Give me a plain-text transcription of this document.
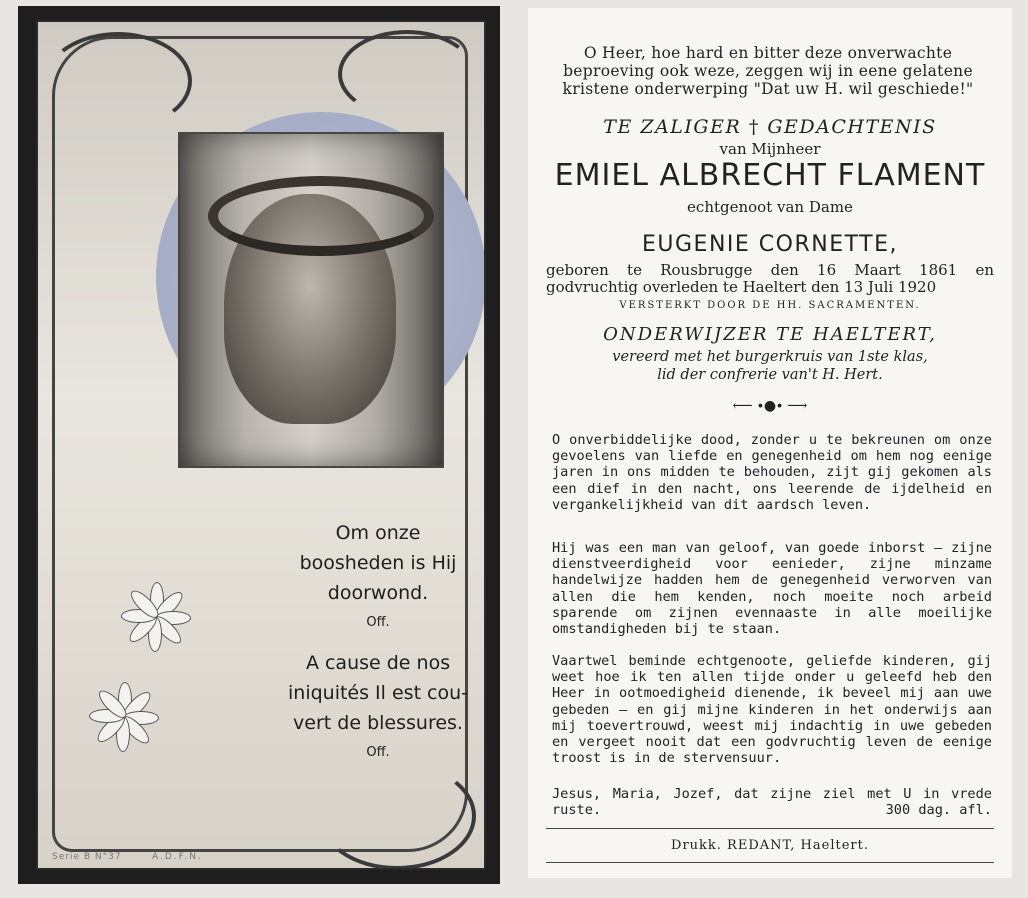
Om onze
boosheden is Hij
doorwond.
Off.
A cause de nos
iniquités Il est cou-
vert de blessures.
Off.
Serie B N°37	A.D.F.N.
O Heer, hoe hard en bitter deze onverwachte beproeving ook weze, zeggen wij in eene gelatene kristene onderwerping "Dat uw H. wil geschiede!"
TE ZALIGER † GEDACHTENIS
van Mijnheer
EMIEL ALBRECHT FLAMENT
echtgenoot van Dame
EUGENIE CORNETTE,
geboren te Rousbrugge den 16 Maart 1861 en godvruchtig overleden te Haeltert den 13 Juli 1920
VERSTERKT DOOR DE HH. SACRAMENTEN.
ONDERWIJZER TE HAELTERT,
vereerd met het burgerkruis van 1ste klas,
lid der confrerie van't H. Hert.
⟵ ∙●∙ ⟶
O onverbiddelijke dood, zonder u te bekreunen om onze gevoelens van liefde en genegenheid om hem nog eenige jaren in ons midden te behouden, zijt gij gekomen als een dief in den nacht, ons leerende de ijdelheid en vergankelijkheid van dit aardsch leven.
Hij was een man van geloof, van goede inborst — zijne dienstveerdigheid voor eenieder, zijne minzame handelwijze hadden hem de genegenheid verworven van allen die hem kenden, noch moeite noch arbeid sparende om zijnen evennaaste in alle moeilijke omstandigheden bij te staan.
Vaartwel beminde echtgenoote, geliefde kinderen, gij weet hoe ik ten allen tijde onder u geleefd heb den Heer in ootmoedigheid dienende, ik beveel mij aan uwe gebeden — en gij mijne kinderen in het onderwijs aan mij toevertrouwd, weest mij indachtig in uwe gebeden en vergeet nooit dat een godvruchtig leven de eenige troost is in de stervensuur.
Jesus, Maria, Jozef, dat zijne ziel met U in vrede ruste.	300 dag. afl.
Drukk. REDANT, Haeltert.
